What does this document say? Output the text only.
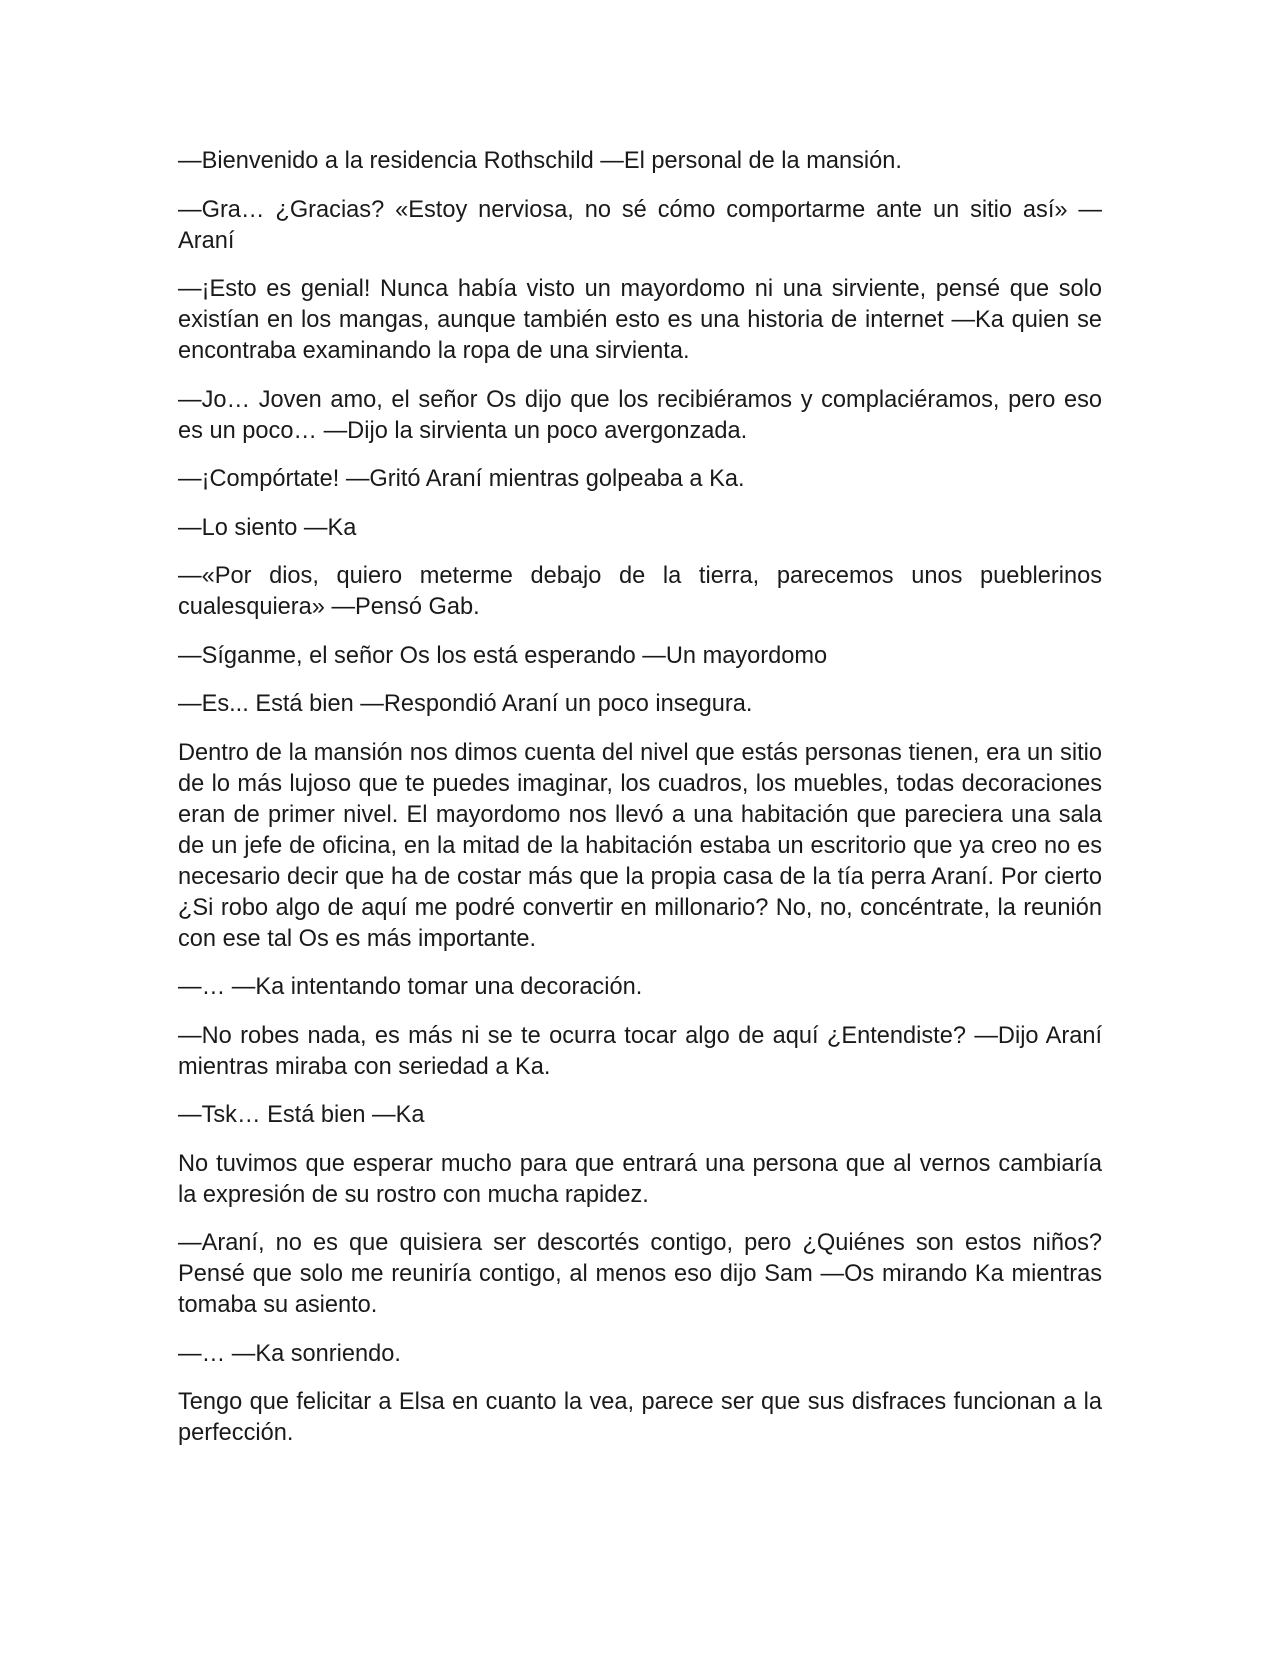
—Bienvenido a la residencia Rothschild —El personal de la mansión.

—Gra… ¿Gracias? «Estoy nerviosa, no sé cómo comportarme ante un sitio así» —Araní

—¡Esto es genial! Nunca había visto un mayordomo ni una sirviente, pensé que solo existían en los mangas, aunque también esto es una historia de internet —Ka quien se encontraba examinando la ropa de una sirvienta.

—Jo… Joven amo, el señor Os dijo que los recibiéramos y complaciéramos, pero eso es un poco… —Dijo la sirvienta un poco avergonzada.

—¡Compórtate! —Gritó Araní mientras golpeaba a Ka.

—Lo siento —Ka

—«Por dios, quiero meterme debajo de la tierra, parecemos unos pueblerinos cualesquiera» —Pensó Gab.

—Síganme, el señor Os los está esperando —Un mayordomo

—Es... Está bien —Respondió Araní un poco insegura.

Dentro de la mansión nos dimos cuenta del nivel que estás personas tienen, era un sitio de lo más lujoso que te puedes imaginar, los cuadros, los muebles, todas decoraciones eran de primer nivel. El mayordomo nos llevó a una habitación que pareciera una sala de un jefe de oficina, en la mitad de la habitación estaba un escritorio que ya creo no es necesario decir que ha de costar más que la propia casa de la tía perra Araní. Por cierto ¿Si robo algo de aquí me podré convertir en millonario? No, no, concéntrate, la reunión con ese tal Os es más importante.

—… —Ka intentando tomar una decoración.

—No robes nada, es más ni se te ocurra tocar algo de aquí ¿Entendiste? —Dijo Araní mientras miraba con seriedad a Ka.

—Tsk… Está bien —Ka

No tuvimos que esperar mucho para que entrará una persona que al vernos cambiaría la expresión de su rostro con mucha rapidez.

—Araní, no es que quisiera ser descortés contigo, pero ¿Quiénes son estos niños? Pensé que solo me reuniría contigo, al menos eso dijo Sam —Os mirando Ka mientras tomaba su asiento.

—… —Ka sonriendo.

Tengo que felicitar a Elsa en cuanto la vea, parece ser que sus disfraces funcionan a la perfección.
